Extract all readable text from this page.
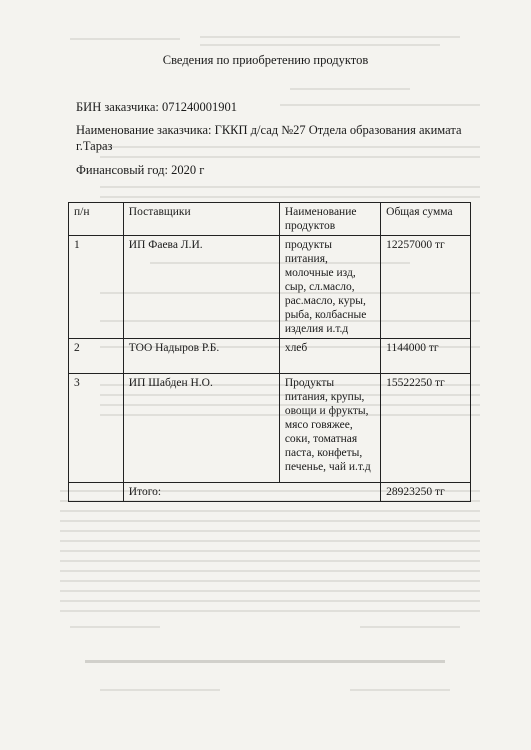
Сведения по приобретению продуктов
БИН заказчика: 071240001901
Наименование заказчика: ГККП д/сад №27 Отдела образования акимата г.Тараз
Финансовый год: 2020 г
п/н	Поставщики	Наименование продуктов	Общая сумма
1	ИП Фаева Л.И.	продукты питания, молочные изд, сыр, сл.масло, рас.масло, куры, рыба, колбасные изделия и.т.д	12257000 тг
2	ТОО Надыров Р.Б.	хлеб	1144000 тг
3	ИП Шабден Н.О.	Продукты питания, крупы, овощи и фрукты, мясо говяжее, соки, томатная паста, конфеты, печенье, чай и.т.д	15522250 тг
	Итого:		28923250 тг
